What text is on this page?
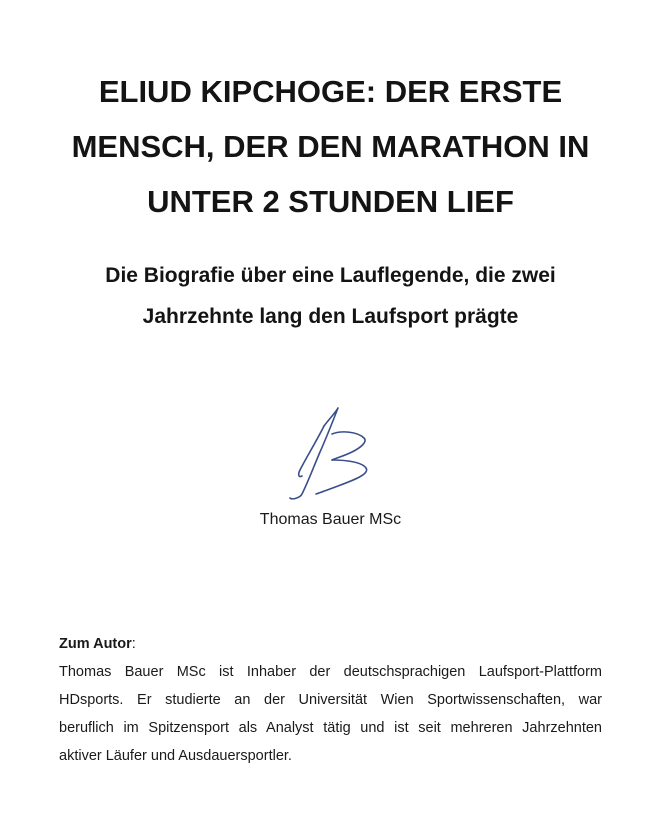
ELIUD KIPCHOGE: DER ERSTE
MENSCH, DER DEN MARATHON IN
UNTER 2 STUNDEN LIEF
Die Biografie über eine Lauflegende, die zwei
Jahrzehnte lang den Laufsport prägte
Thomas Bauer MSc
Zum Autor:
Thomas Bauer MSc ist Inhaber der deutschsprachigen Laufsport-Plattform
HDsports. Er studierte an der Universität Wien Sportwissenschaften, war
beruflich im Spitzensport als Analyst tätig und ist seit mehreren Jahrzehnten
aktiver Läufer und Ausdauersportler.
